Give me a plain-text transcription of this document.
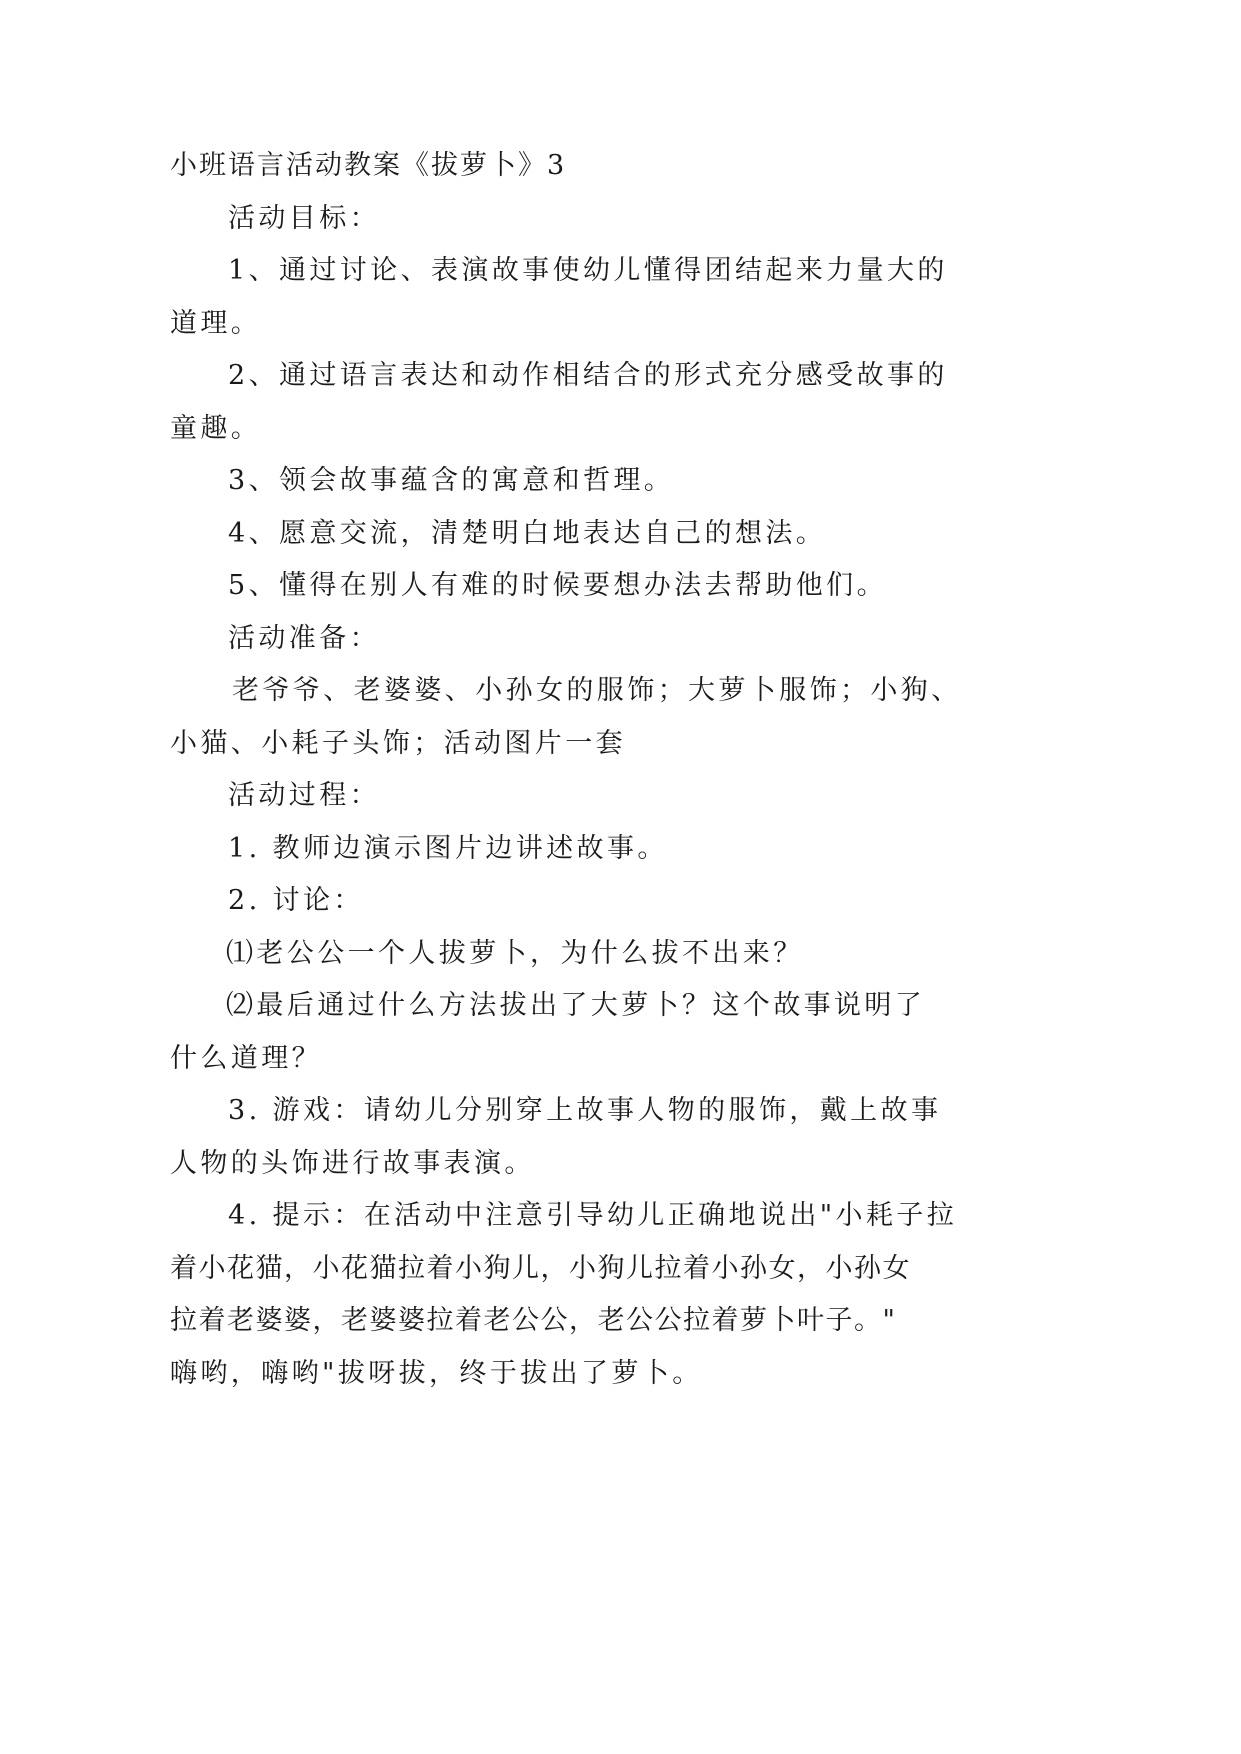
小班语言活动教案《拔萝卜》3

活动目标：

1、通过讨论、表演故事使幼儿懂得团结起来力量大的

道理。

2、通过语言表达和动作相结合的形式充分感受故事的

童趣。

3、领会故事蕴含的寓意和哲理。

4、愿意交流，清楚明白地表达自己的想法。

5、懂得在别人有难的时候要想办法去帮助他们。

活动准备：

老爷爷、老婆婆、小孙女的服饰；大萝卜服饰；小狗、

小猫、小耗子头饰；活动图片一套

活动过程：

1. 教师边演示图片边讲述故事。

2. 讨论：

⑴老公公一个人拔萝卜，为什么拔不出来？

⑵最后通过什么方法拔出了大萝卜？这个故事说明了

什么道理？

3. 游戏：请幼儿分别穿上故事人物的服饰，戴上故事

人物的头饰进行故事表演。

4. 提示：在活动中注意引导幼儿正确地说出"小耗子拉

着小花猫，小花猫拉着小狗儿，小狗儿拉着小孙女，小孙女

拉着老婆婆，老婆婆拉着老公公，老公公拉着萝卜叶子。"

嗨哟，嗨哟"拔呀拔，终于拔出了萝卜。
